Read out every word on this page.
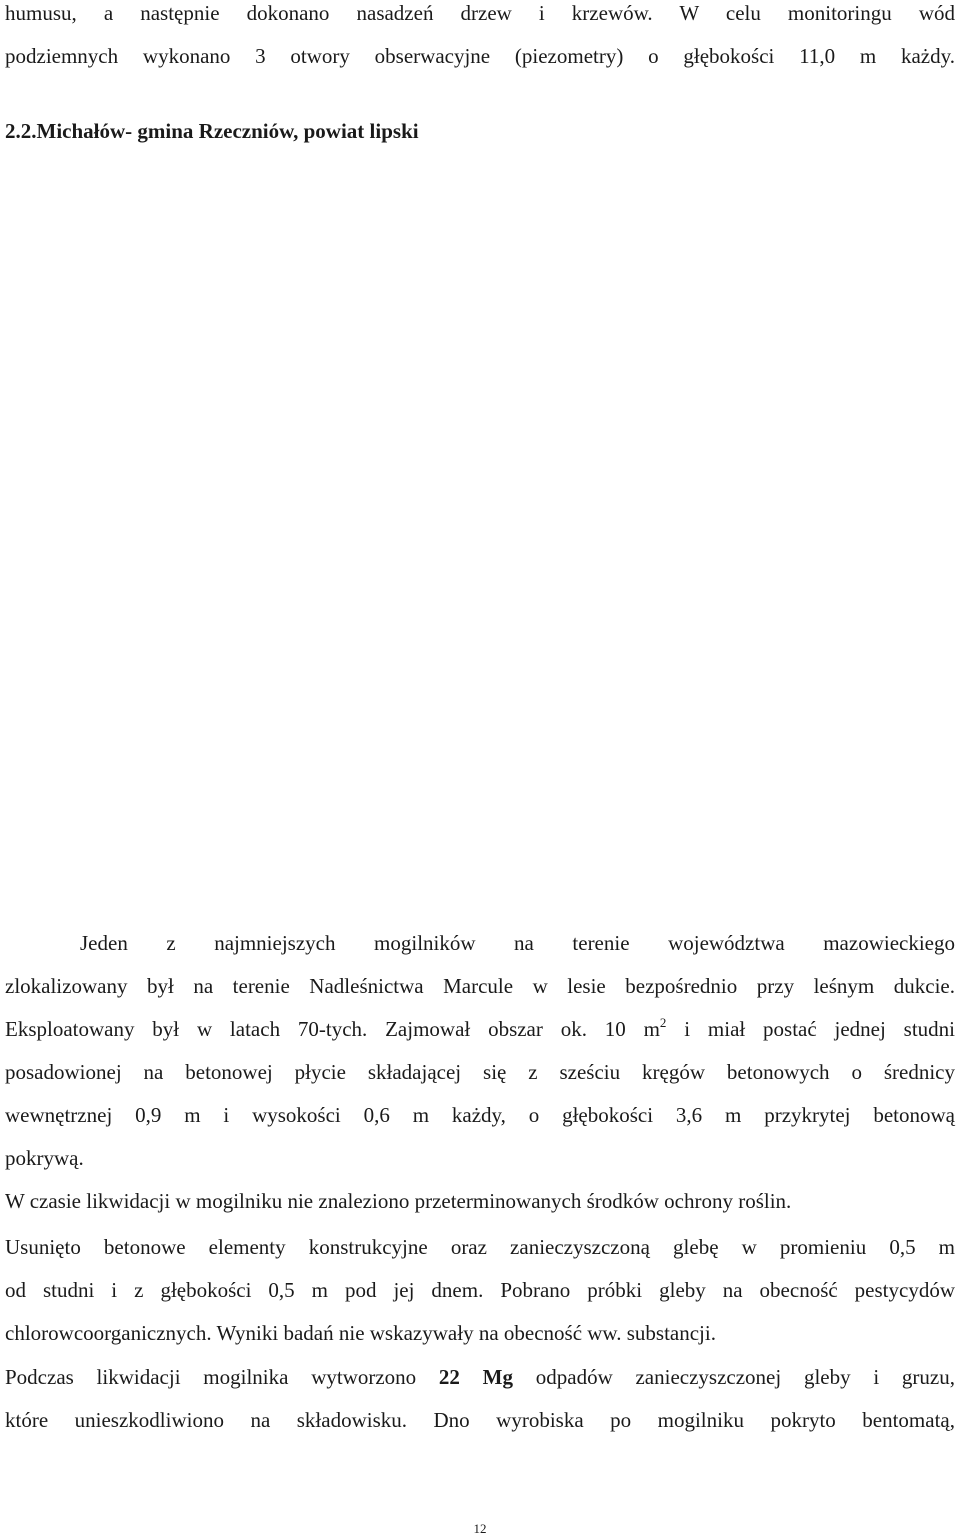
humusu, a następnie dokonano nasadzeń drzew i krzewów. W celu monitoringu wód
podziemnych wykonano 3 otwory obserwacyjne (piezometry) o głębokości 11,0 m każdy.
2.2.Michałów- gmina Rzeczniów, powiat lipski
Jeden z najmniejszych mogilników na terenie województwa mazowieckiego
zlokalizowany był na terenie Nadleśnictwa Marcule w lesie bezpośrednio przy leśnym dukcie.
Eksploatowany był w latach 70-tych. Zajmował obszar ok. 10 $m^2$ i miał postać jednej studni
posadowionej na betonowej płycie składającej się z sześciu kręgów betonowych o średnicy
wewnętrznej 0,9 m i wysokości 0,6 m każdy, o głębokości 3,6 m przykrytej betonową
pokrywą.
W czasie likwidacji w mogilniku nie znaleziono przeterminowanych środków ochrony roślin.
Usunięto betonowe elementy konstrukcyjne oraz zanieczyszczoną glebę w promieniu 0,5 m
od studni i z głębokości 0,5 m pod jej dnem. Pobrano próbki gleby na obecność pestycydów
chlorowcoorganicznych. Wyniki badań nie wskazywały na obecność ww. substancji.
Podczas likwidacji mogilnika wytworzono 22 Mg odpadów zanieczyszczonej gleby i gruzu,
które unieszkodliwiono na składowisku. Dno wyrobiska po mogilniku pokryto bentomatą,
12
